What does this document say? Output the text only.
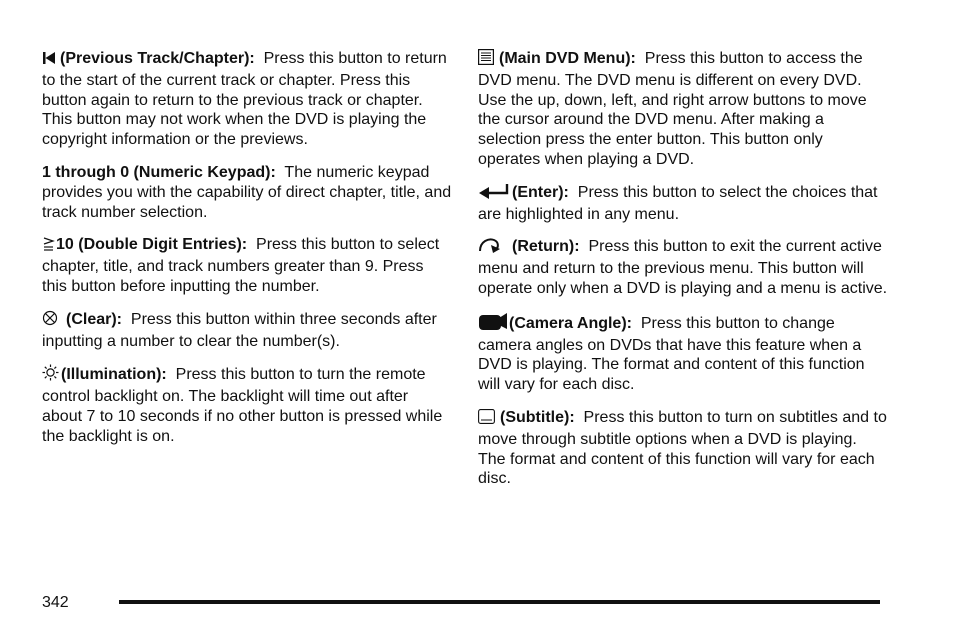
(Previous Track/Chapter): Press this button to return to the start of the current track or chapter. Press this button again to return to the previous track or chapter. This button may not work when the DVD is playing the copyright information or the previews.

1 through 0 (Numeric Keypad): The numeric keypad provides you with the capability of direct chapter, title, and track number selection.

10 (Double Digit Entries): Press this button to select chapter, title, and track numbers greater than 9. Press this button before inputting the number.

(Clear): Press this button within three seconds after inputting a number to clear the number(s).

(Illumination): Press this button to turn the remote control backlight on. The backlight will time out after about 7 to 10 seconds if no other button is pressed while the backlight is on.

(Main DVD Menu): Press this button to access the DVD menu. The DVD menu is different on every DVD. Use the up, down, left, and right arrow buttons to move the cursor around the DVD menu. After making a selection press the enter button. This button only operates when playing a DVD.

(Enter): Press this button to select the choices that are highlighted in any menu.

(Return): Press this button to exit the current active menu and return to the previous menu. This button will operate only when a DVD is playing and a menu is active.

(Camera Angle): Press this button to change camera angles on DVDs that have this feature when a DVD is playing. The format and content of this function will vary for each disc.

(Subtitle): Press this button to turn on subtitles and to move through subtitle options when a DVD is playing. The format and content of this function will vary for each disc.

342
